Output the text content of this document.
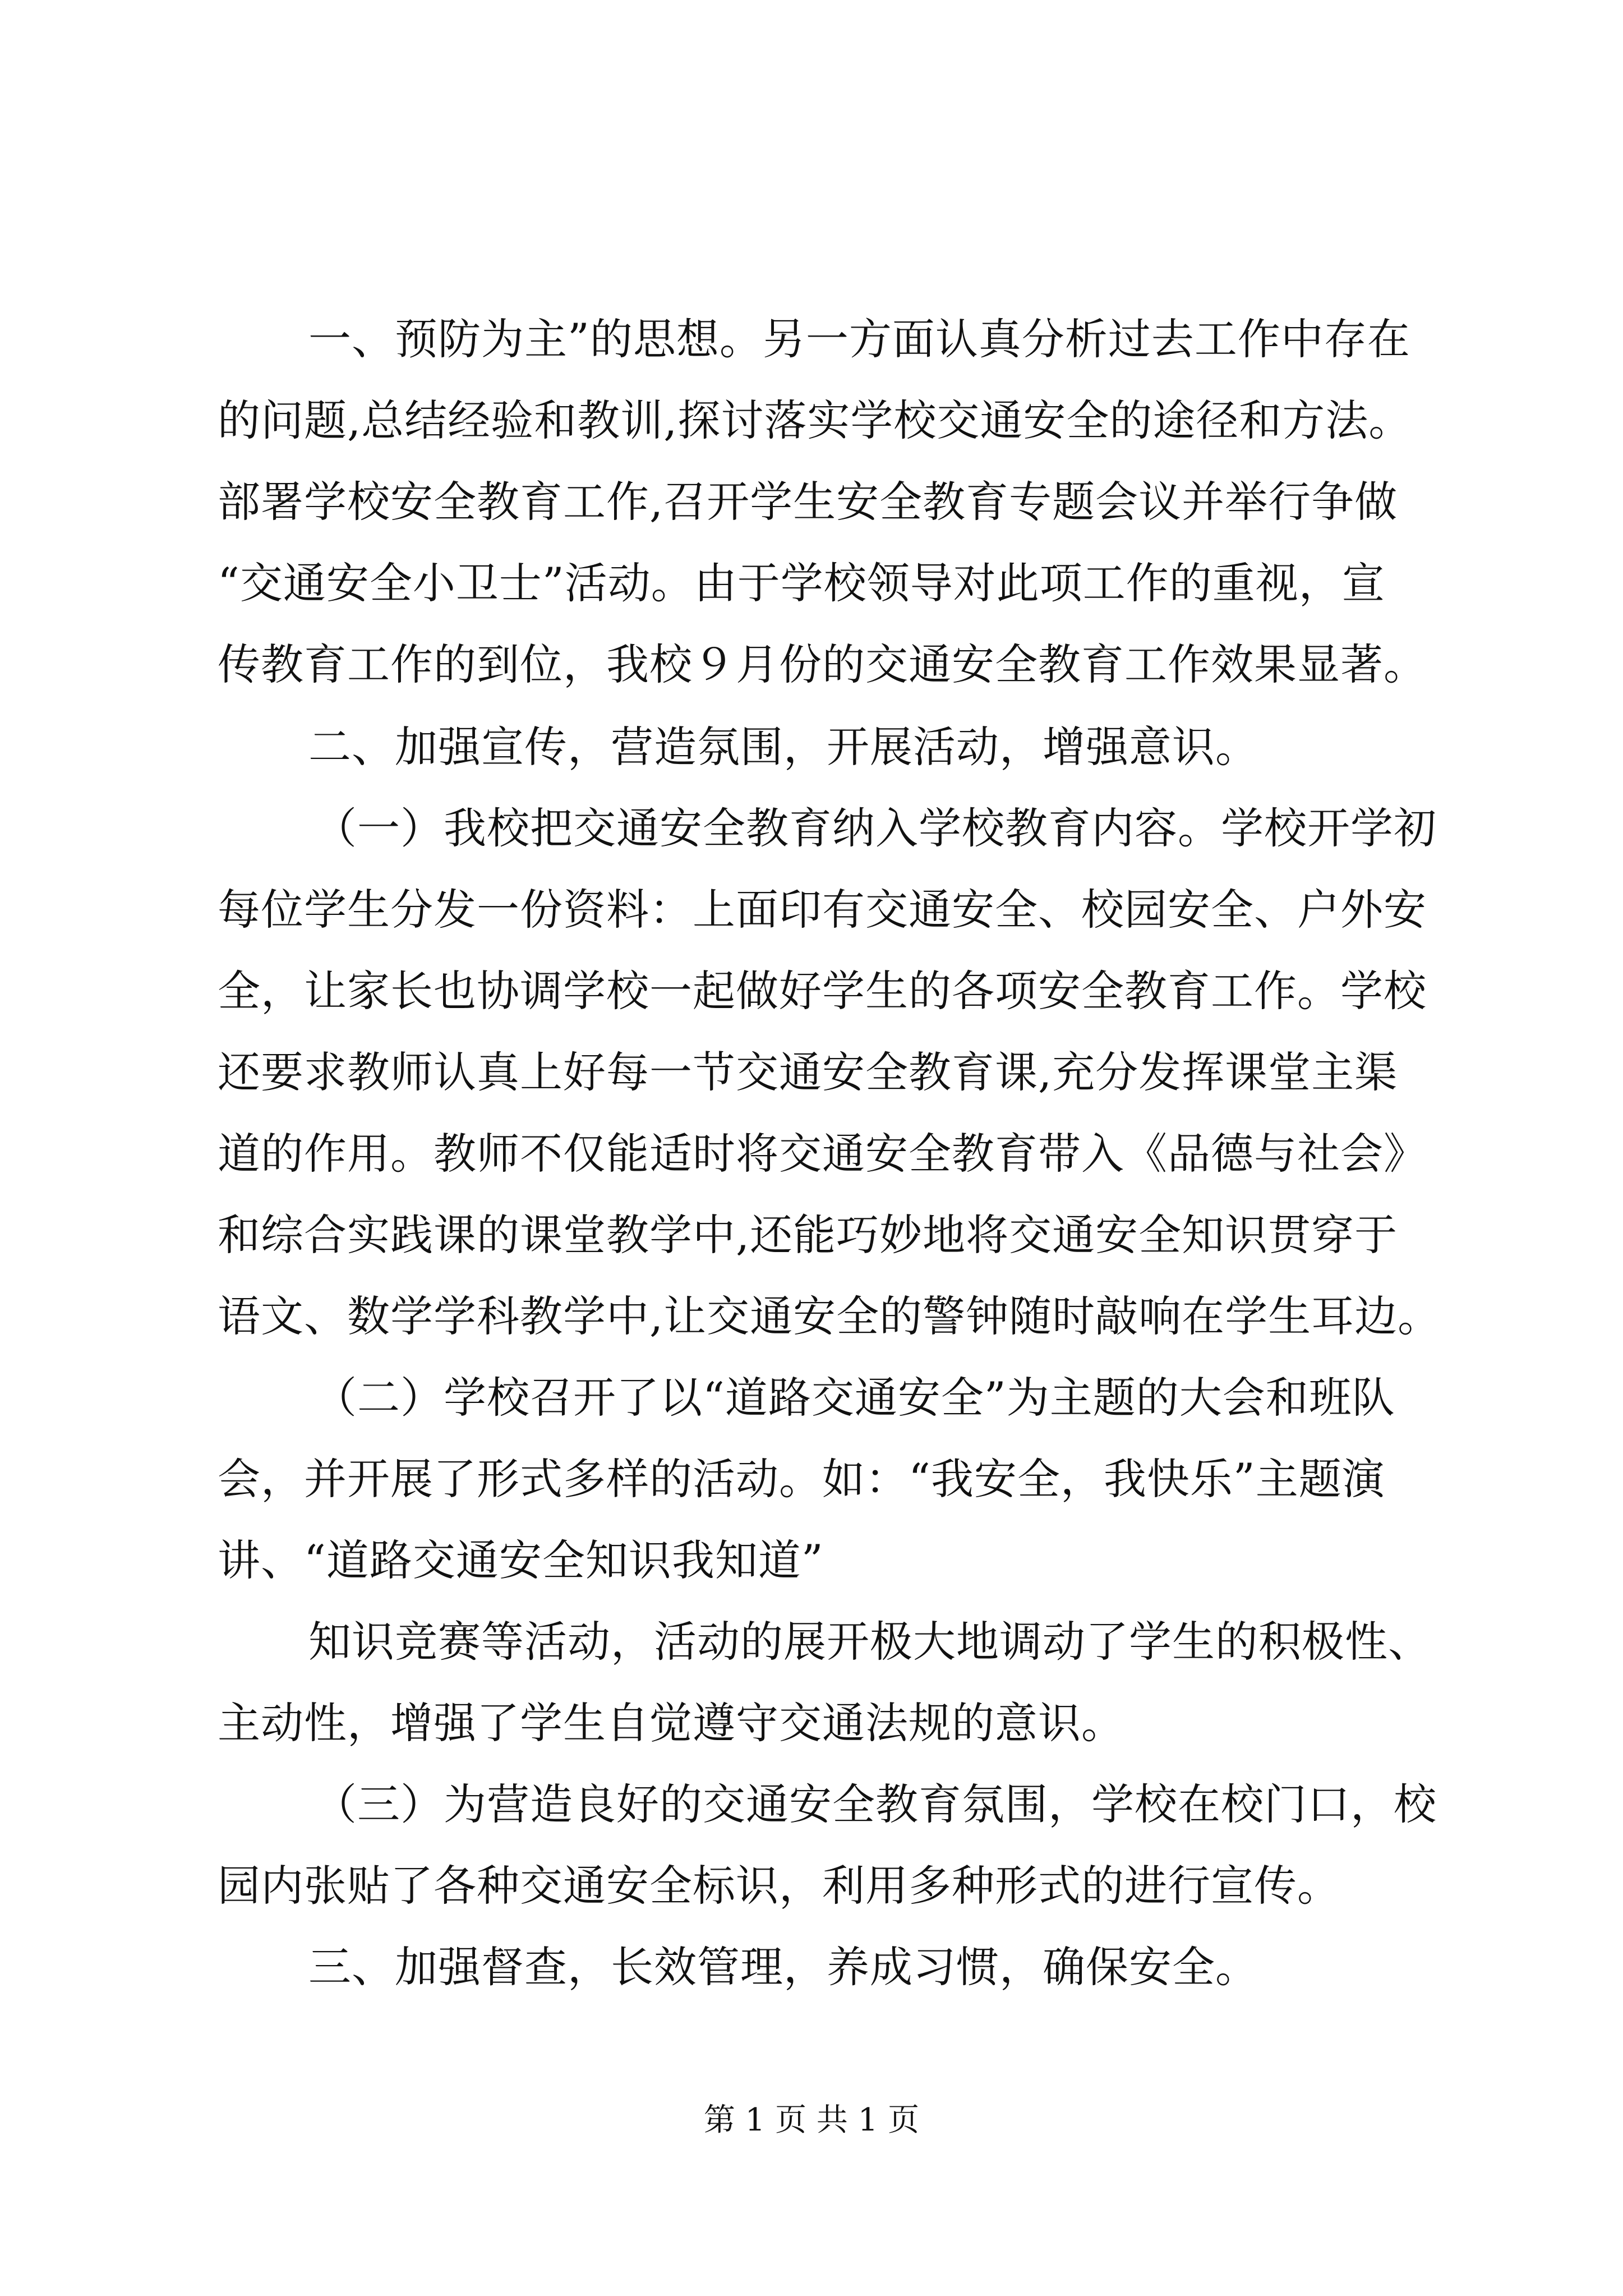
一、预防为主”的思想。另一方面认真分析过去工作中存在

的问题,总结经验和教训,探讨落实学校交通安全的途径和方法。

部署学校安全教育工作,召开学生安全教育专题会议并举行争做

“交通安全小卫士”活动。由于学校领导对此项工作的重视，宣

传教育工作的到位，我校９月份的交通安全教育工作效果显著。

二、加强宣传，营造氛围，开展活动，增强意识。

（一）我校把交通安全教育纳入学校教育内容。学校开学初

每位学生分发一份资料：上面印有交通安全、校园安全、户外安

全，让家长也协调学校一起做好学生的各项安全教育工作。学校

还要求教师认真上好每一节交通安全教育课,充分发挥课堂主渠

道的作用。教师不仅能适时将交通安全教育带入《品德与社会》

和综合实践课的课堂教学中,还能巧妙地将交通安全知识贯穿于

语文、数学学科教学中,让交通安全的警钟随时敲响在学生耳边。

（二）学校召开了以“道路交通安全”为主题的大会和班队

会，并开展了形式多样的活动。如：“我安全，我快乐”主题演

讲、“道路交通安全知识我知道”

知识竞赛等活动，活动的展开极大地调动了学生的积极性、

主动性，增强了学生自觉遵守交通法规的意识。

（三）为营造良好的交通安全教育氛围，学校在校门口，校

园内张贴了各种交通安全标识，利用多种形式的进行宣传。

三、加强督查，长效管理，养成习惯，确保安全。

第 1 页 共 1 页
